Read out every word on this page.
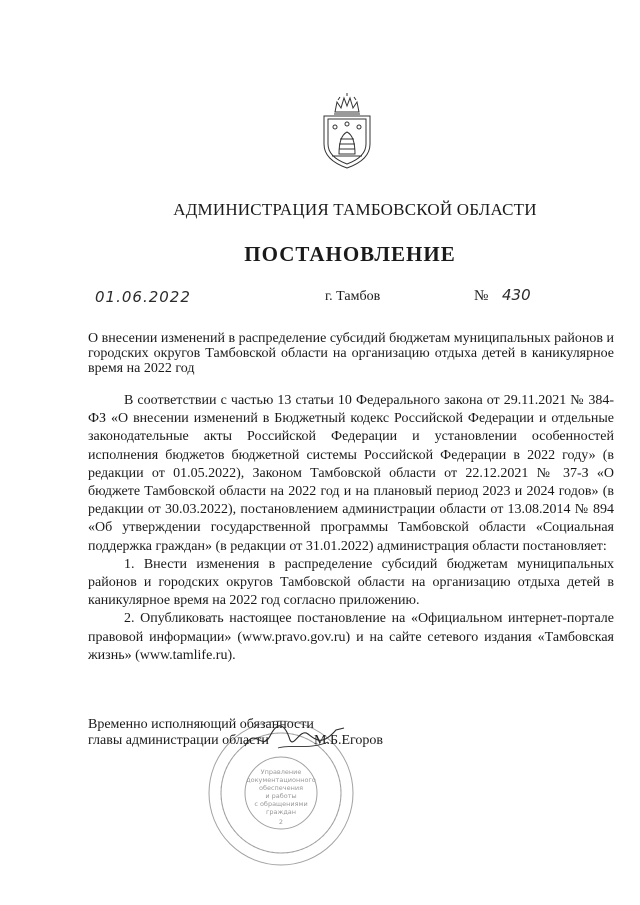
АДМИНИСТРАЦИЯ ТАМБОВСКОЙ ОБЛАСТИ
ПОСТАНОВЛЕНИЕ
01.06.2022	г. Тамбов	№ 430
О внесении изменений в распределение субсидий бюджетам муниципальных районов и городских округов Тамбовской области на организацию отдыха детей в каникулярное время на 2022 год

В соответствии с частью 13 статьи 10 Федерального закона от 29.11.2021 № 384-ФЗ «О внесении изменений в Бюджетный кодекс Российской Федерации и отдельные законодательные акты Российской Федерации и установлении особенностей исполнения бюджетов бюджетной системы Российской Федерации в 2022 году» (в редакции от 01.05.2022), Законом Тамбовской области от 22.12.2021 № 37-З «О бюджете Тамбовской области на 2022 год и на плановый период 2023 и 2024 годов» (в редакции от 30.03.2022), постановлением администрации области от 13.08.2014 № 894 «Об утверждении государственной программы Тамбовской области «Социальная поддержка граждан» (в редакции от 31.01.2022) администрация области постановляет:

1. Внести изменения в распределение субсидий бюджетам муниципальных районов и городских округов Тамбовской области на организацию отдыха детей в каникулярное время на 2022 год согласно приложению.

2. Опубликовать настоящее постановление на «Официальном интернет-портале правовой информации» (www.pravo.gov.ru) и на сайте сетевого издания «Тамбовская жизнь» (www.tamlife.ru).

Управление
документационного
обеспечения
и работы
с обращениями
граждан
2
Временно исполняющий обязанности
главы администрации области	М.Б.Егоров
